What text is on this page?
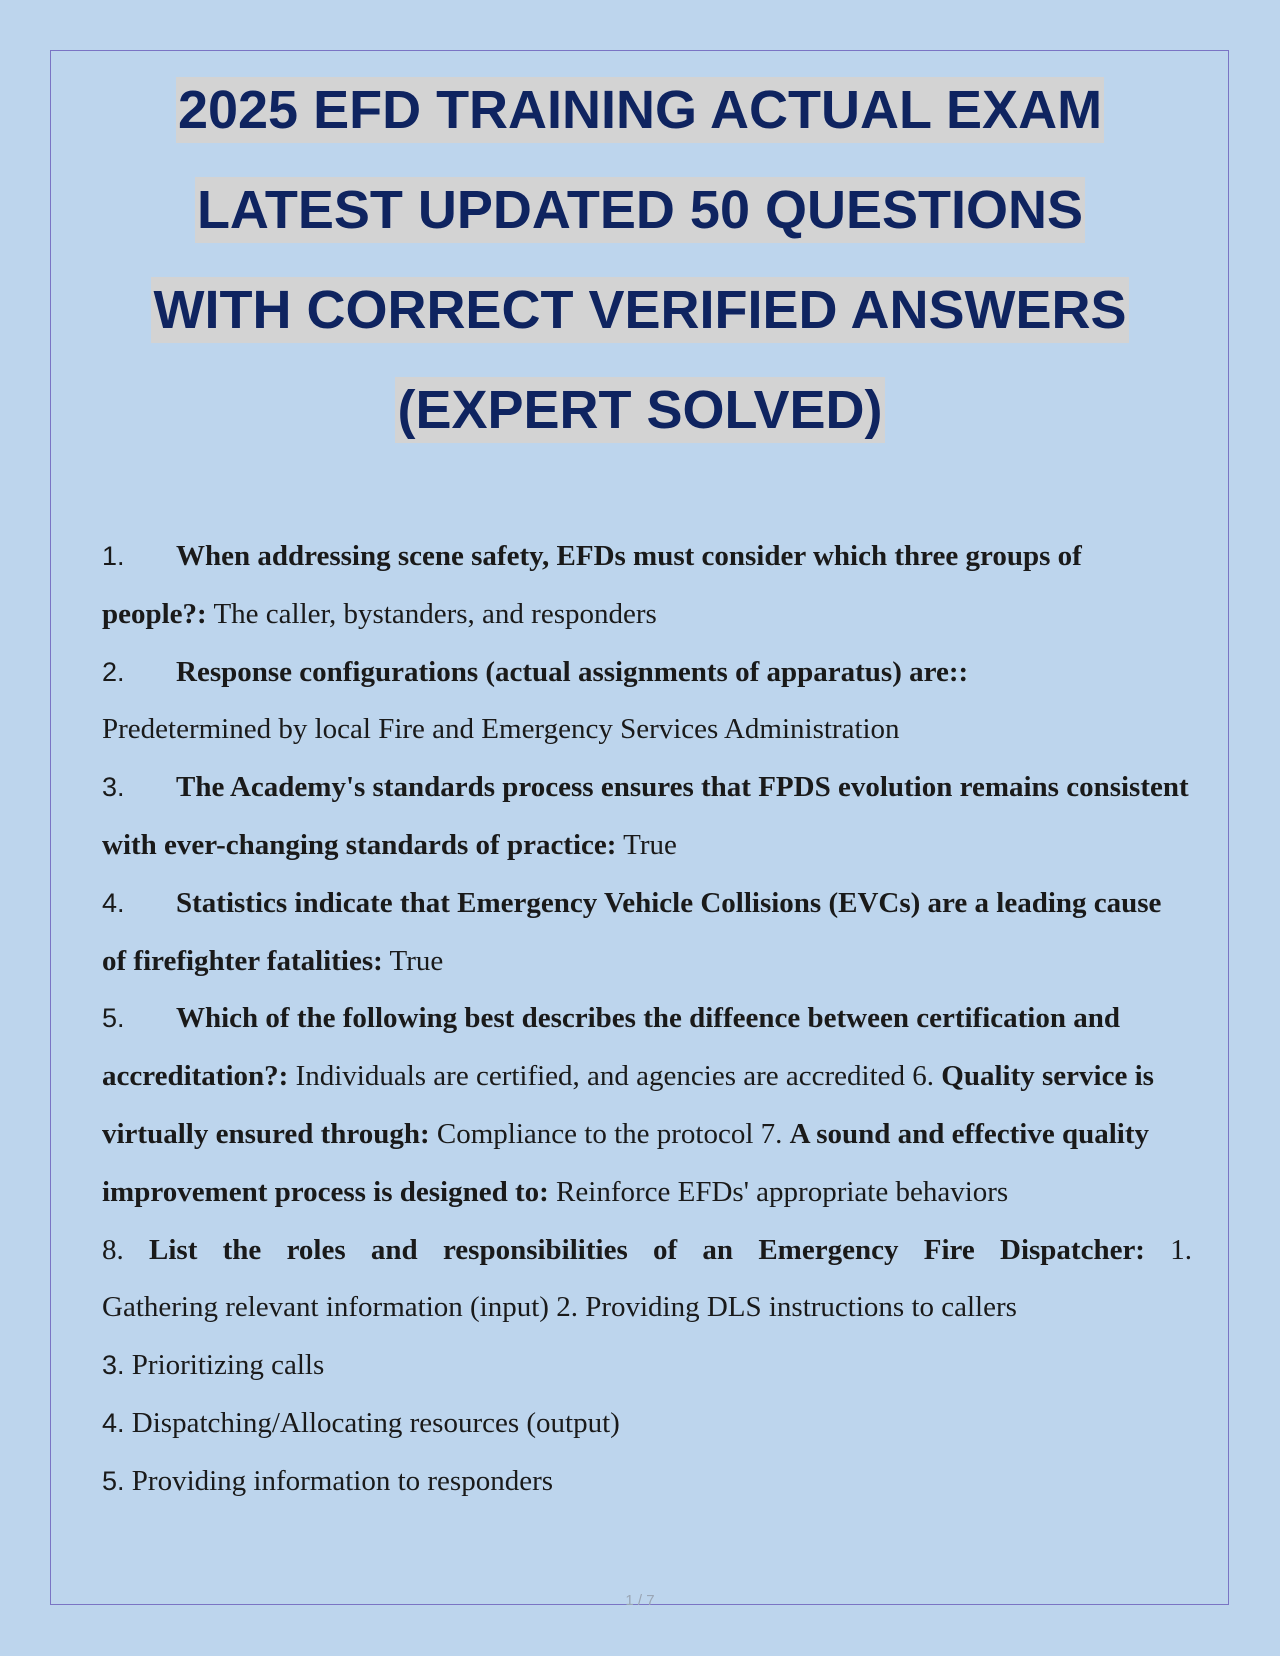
2025 EFD TRAINING ACTUAL EXAM
LATEST UPDATED 50 QUESTIONS
WITH CORRECT VERIFIED ANSWERS
(EXPERT SOLVED)
1. When addressing scene safety, EFDs must consider which three groups of people?: The caller, bystanders, and responders
2. Response configurations (actual assignments of apparatus) are::
Predetermined by local Fire and Emergency Services Administration
3. The Academy's standards process ensures that FPDS evolution remains consistent with ever-changing standards of practice: True
4. Statistics indicate that Emergency Vehicle Collisions (EVCs) are a leading cause of firefighter fatalities: True
5. Which of the following best describes the diffeence between certification and accreditation?: Individuals are certified, and agencies are accredited 6. Quality service is virtually ensured through: Compliance to the protocol 7. A sound and effective quality improvement process is designed to: Reinforce EFDs' appropriate behaviors
8. List the roles and responsibilities of an Emergency Fire Dispatcher: 1.
Gathering relevant information (input) 2. Providing DLS instructions to callers
3. Prioritizing calls
4. Dispatching/Allocating resources (output)
5. Providing information to responders
1 / 7
